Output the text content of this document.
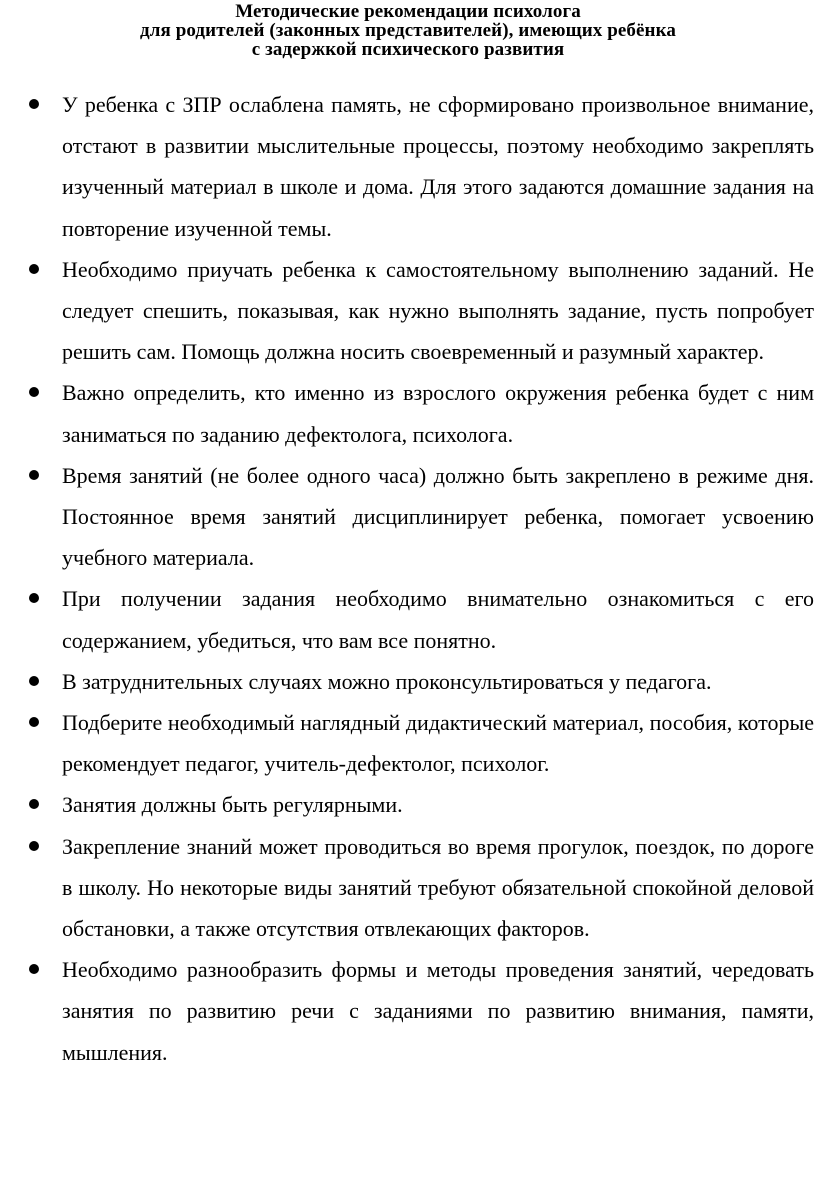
Методические рекомендации психолога
для родителей (законных представителей), имеющих ребёнка
с задержкой психического развития
У ребенка с ЗПР ослаблена память, не сформировано произвольное внимание, отстают в развитии мыслительные процессы, поэтому необходимо закреплять изученный материал в школе и дома. Для этого задаются домашние задания на повторение изученной темы.
Необходимо приучать ребенка к самостоятельному выполнению заданий. Не следует спешить, показывая, как нужно выполнять задание, пусть попробует решить сам. Помощь должна носить своевременный и разумный характер.
Важно определить, кто именно из взрослого окружения ребенка будет с ним заниматься по заданию дефектолога, психолога.
Время занятий (не более одного часа) должно быть закреплено в режиме дня. Постоянное время занятий дисциплинирует ребенка, помогает усвоению учебного материала.
При получении задания необходимо внимательно ознакомиться с его содержанием, убедиться, что вам все понятно.
В затруднительных случаях можно проконсультироваться у педагога.
Подберите необходимый наглядный дидактический материал, пособия, которые рекомендует педагог, учитель-дефектолог, психолог.
Занятия должны быть регулярными.
Закрепление знаний может проводиться во время прогулок, поездок, по дороге в школу. Но некоторые виды занятий требуют обязательной спокойной деловой обстановки, а также отсутствия отвлекающих факторов.
Необходимо разнообразить формы и методы проведения занятий, чередовать занятия по развитию речи с заданиями по развитию внимания, памяти, мышления.
